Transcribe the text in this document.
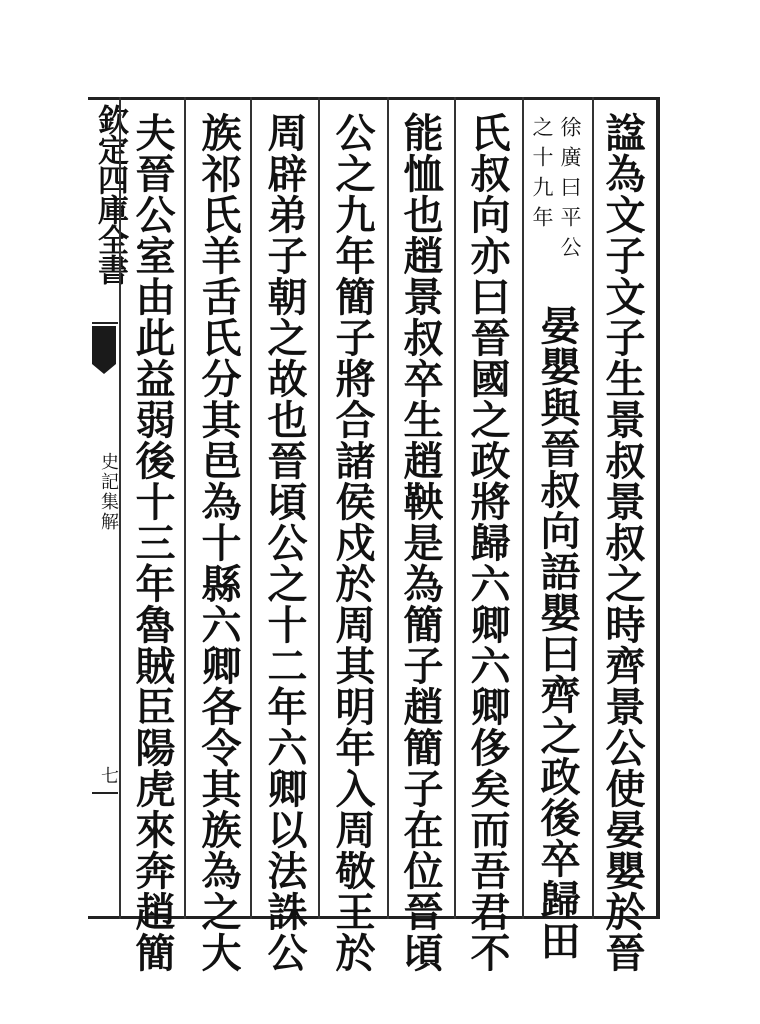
欽定四庫全書
史記集解
七	諡為文子文子生景叔景叔之時齊景公使晏嬰於晉
徐廣曰平公
之十九年
晏嬰與晉叔向語嬰曰齊之政後卒歸田
氏叔向亦曰晉國之政將歸六卿六卿侈矣而吾君不
能恤也趙景叔卒生趙鞅是為簡子趙簡子在位晉頃
公之九年簡子將合諸侯戍於周其明年入周敬王於
周辟弟子朝之故也晉頃公之十二年六卿以法誅公
族祁氏羊舌氏分其邑為十縣六卿各令其族為之大
夫晉公室由此益弱後十三年魯賊臣陽虎來奔趙簡
